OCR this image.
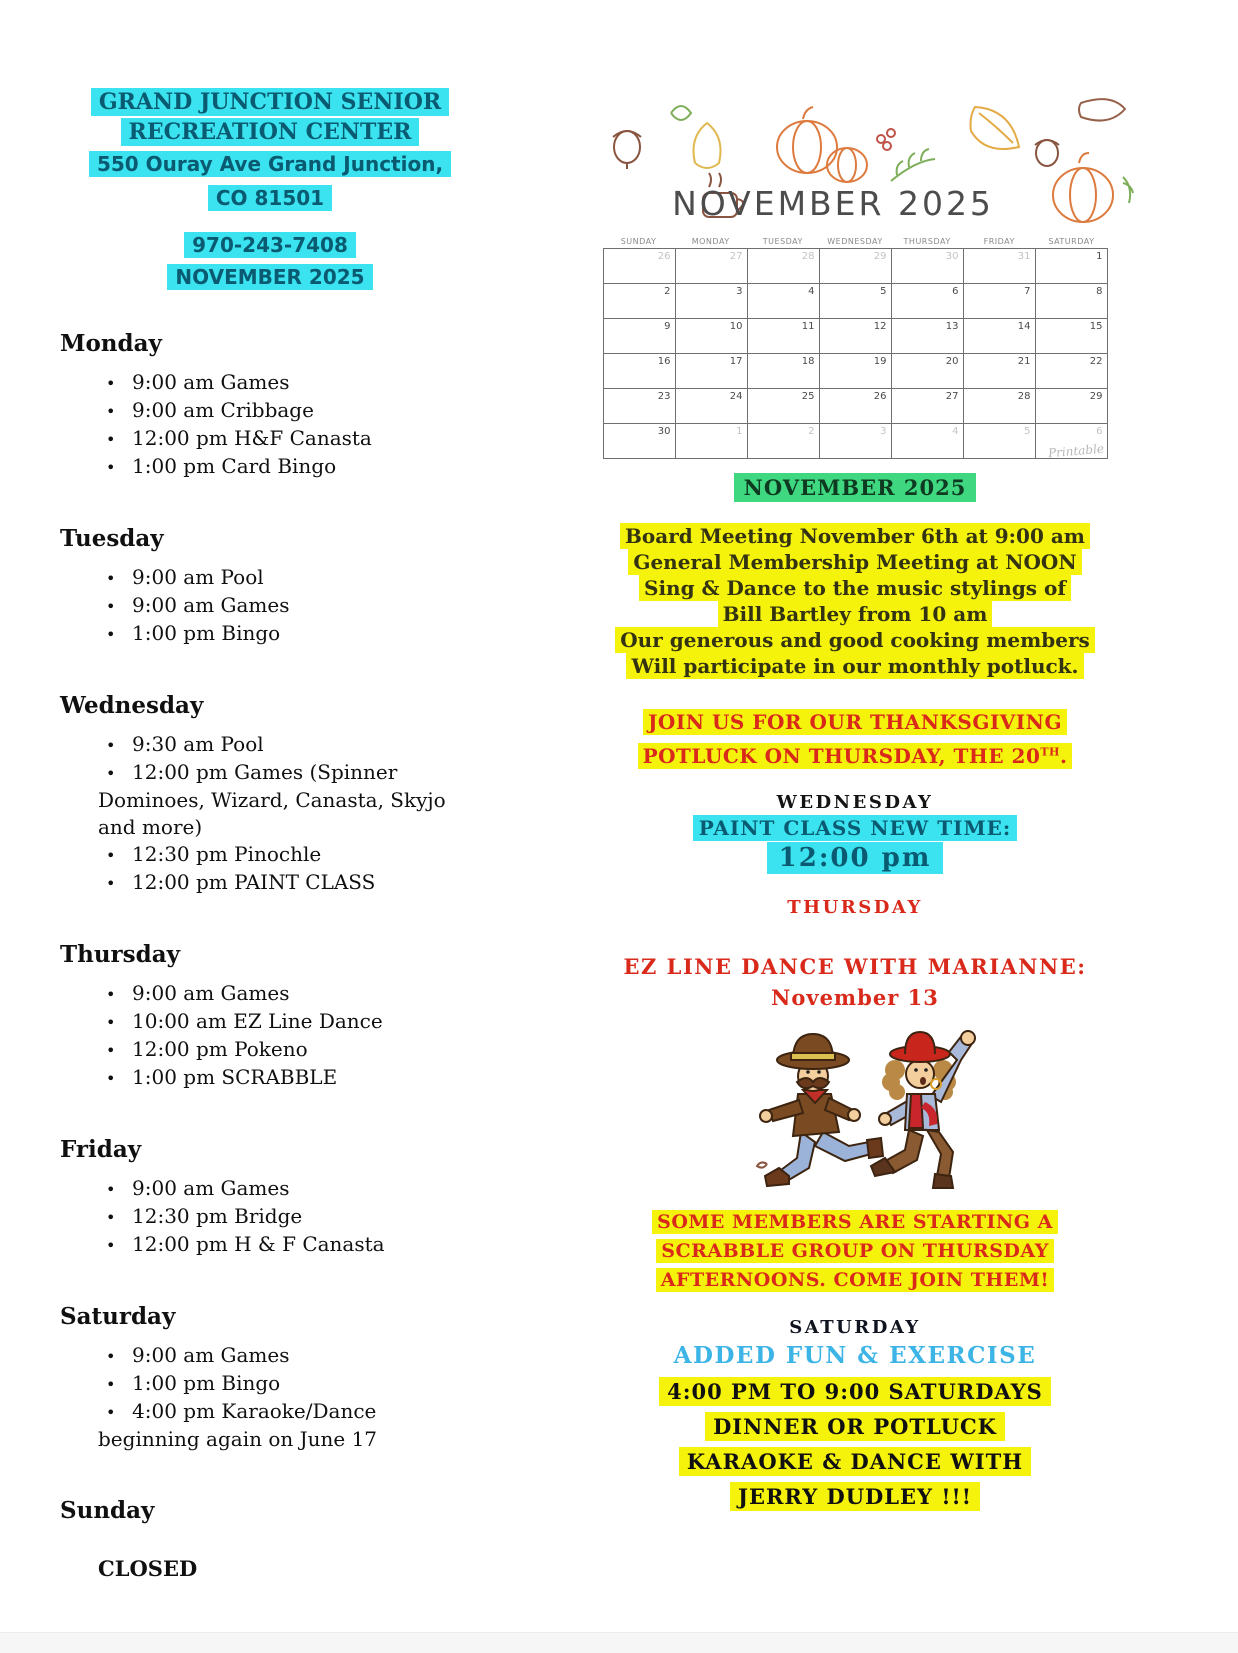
GRAND JUNCTION SENIOR
RECREATION CENTER
550 Ouray Ave Grand Junction,
CO 81501
970-243-7408
NOVEMBER 2025
Monday
• 9:00 am Games
• 9:00 am Cribbage
• 12:00 pm H&F Canasta
• 1:00 pm Card Bingo
Tuesday
• 9:00 am Pool
• 9:00 am Games
• 1:00 pm Bingo
Wednesday
• 9:30 am Pool
• 12:00 pm Games (Spinner Dominoes, Wizard, Canasta, Skyjo and more)
• 12:30 pm Pinochle
• 12:00 pm PAINT CLASS
Thursday
• 9:00 am Games
• 10:00 am EZ Line Dance
• 12:00 pm Pokeno
• 1:00 pm SCRABBLE
Friday
• 9:00 am Games
• 12:30 pm Bridge
• 12:00 pm H & F Canasta
Saturday
• 9:00 am Games
• 1:00 pm Bingo
• 4:00 pm Karaoke/Dance beginning again on June 17
Sunday
CLOSED
NOVEMBER 2025
SUNDAY	MONDAY	TUESDAY	WEDNESDAY	THURSDAY	FRIDAY	SATURDAY
26	27	28	29	30	31	1
2	3	4	5	6	7	8
9	10	11	12	13	14	15
16	17	18	19	20	21	22
23	24	25	26	27	28	29
30	1	2	3	4	5	6
Printable
NOVEMBER 2025
Board Meeting November 6th at 9:00 am
General Membership Meeting at NOON
Sing & Dance to the music stylings of
Bill Bartley from 10 am
Our generous and good cooking members
Will participate in our monthly potluck.
JOIN US FOR OUR THANKSGIVING
POTLUCK ON THURSDAY, THE 20TH.
WEDNESDAY
PAINT CLASS NEW TIME:
12:00 pm
THURSDAY
EZ LINE DANCE WITH MARIANNE:
November 13
SOME MEMBERS ARE STARTING A
SCRABBLE GROUP ON THURSDAY
AFTERNOONS. COME JOIN THEM!
SATURDAY
ADDED FUN & EXERCISE
4:00 PM TO 9:00 SATURDAYS
DINNER OR POTLUCK
KARAOKE & DANCE WITH
JERRY DUDLEY !!!
